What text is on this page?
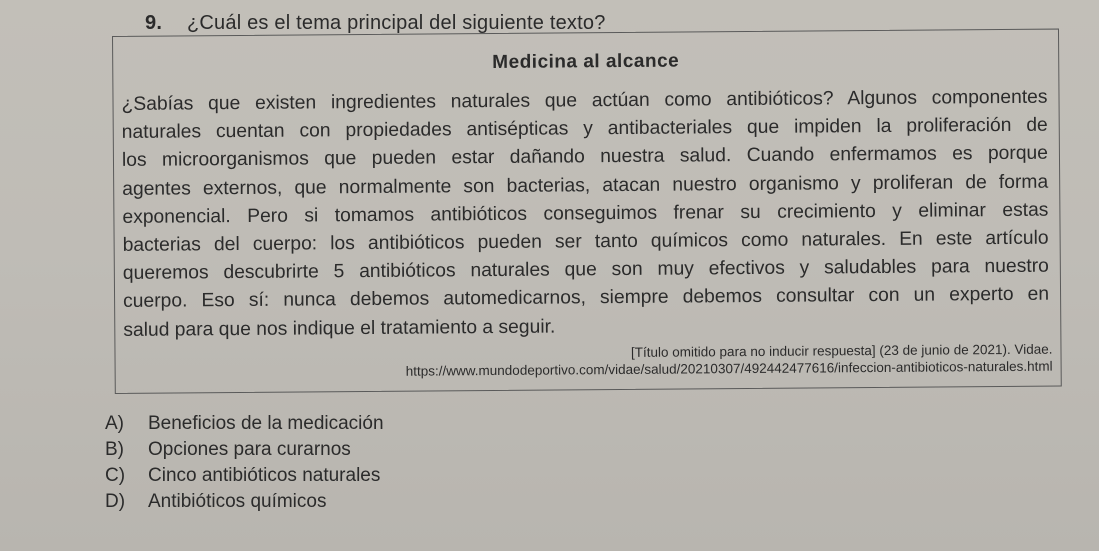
9. ¿Cuál es el tema principal del siguiente texto?
Medicina al alcance
¿Sabías que existen ingredientes naturales que actúan como antibióticos? Algunos componentes
naturales cuentan con propiedades antisépticas y antibacteriales que impiden la proliferación de
los microorganismos que pueden estar dañando nuestra salud. Cuando enfermamos es porque
agentes externos, que normalmente son bacterias, atacan nuestro organismo y proliferan de forma
exponencial. Pero si tomamos antibióticos conseguimos frenar su crecimiento y eliminar estas
bacterias del cuerpo: los antibióticos pueden ser tanto químicos como naturales. En este artículo
queremos descubrirte 5 antibióticos naturales que son muy efectivos y saludables para nuestro
cuerpo. Eso sí: nunca debemos automedicarnos, siempre debemos consultar con un experto en
salud para que nos indique el tratamiento a seguir.
[Título omitido para no inducir respuesta] (23 de junio de 2021). Vidae.
https://www.mundodeportivo.com/vidae/salud/20210307/492442477616/infeccion-antibioticos-naturales.html
A) Beneficios de la medicación
B) Opciones para curarnos
C) Cinco antibióticos naturales
D) Antibióticos químicos
